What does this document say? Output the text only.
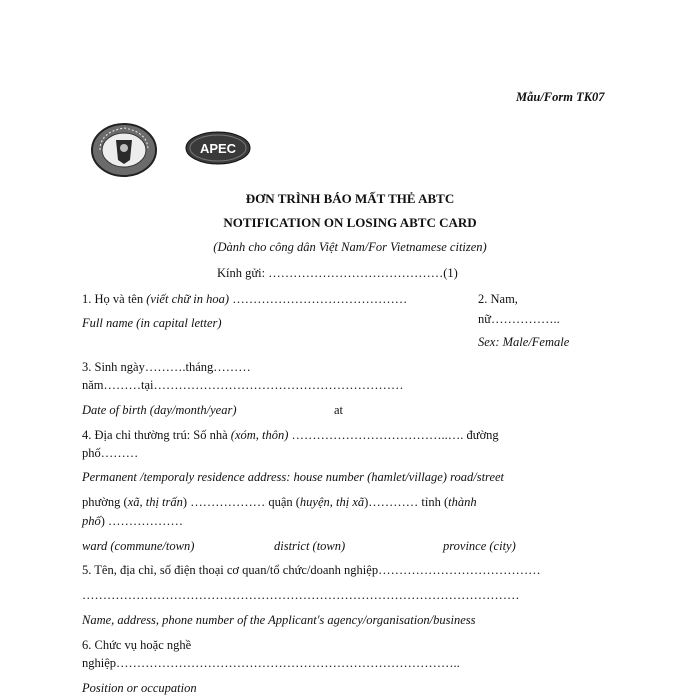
Mẫu/Form TK07
APEC
ĐƠN TRÌNH BÁO MẤT THẺ ABTC
NOTIFICATION ON LOSING ABTC CARD
(Dành cho công dân Việt Nam/For Vietnamese citizen)
Kính gửi: ……………………………………(1)
1. Họ và tên (viết chữ in hoa) ……………………………………
Full name (in capital letter)
2. Nam,
nữ……………..
Sex: Male/Female
3. Sinh ngày……….tháng………
năm………tại……………………………………………………
Date of birth (day/month/year)	at
4. Địa chỉ thường trú: Số nhà (xóm, thôn) ………………………………..…. đường
phố………
Permanent /temporaly residence address: house number (hamlet/village) road/street
phường (xã, thị trấn) ……………… quận (huyện, thị xã)………… tỉnh (thành
phố) ………………
ward (commune/town)	district (town)	province (city)
5. Tên, địa chỉ, số điện thoại cơ quan/tổ chức/doanh nghiệp…………………………………
……………………………………………………………………………………………
Name, address, phone number of the Applicant's agency/organisation/business
6. Chức vụ hoặc nghề
nghiệp………………………………………………………………………..
Position or occupation
